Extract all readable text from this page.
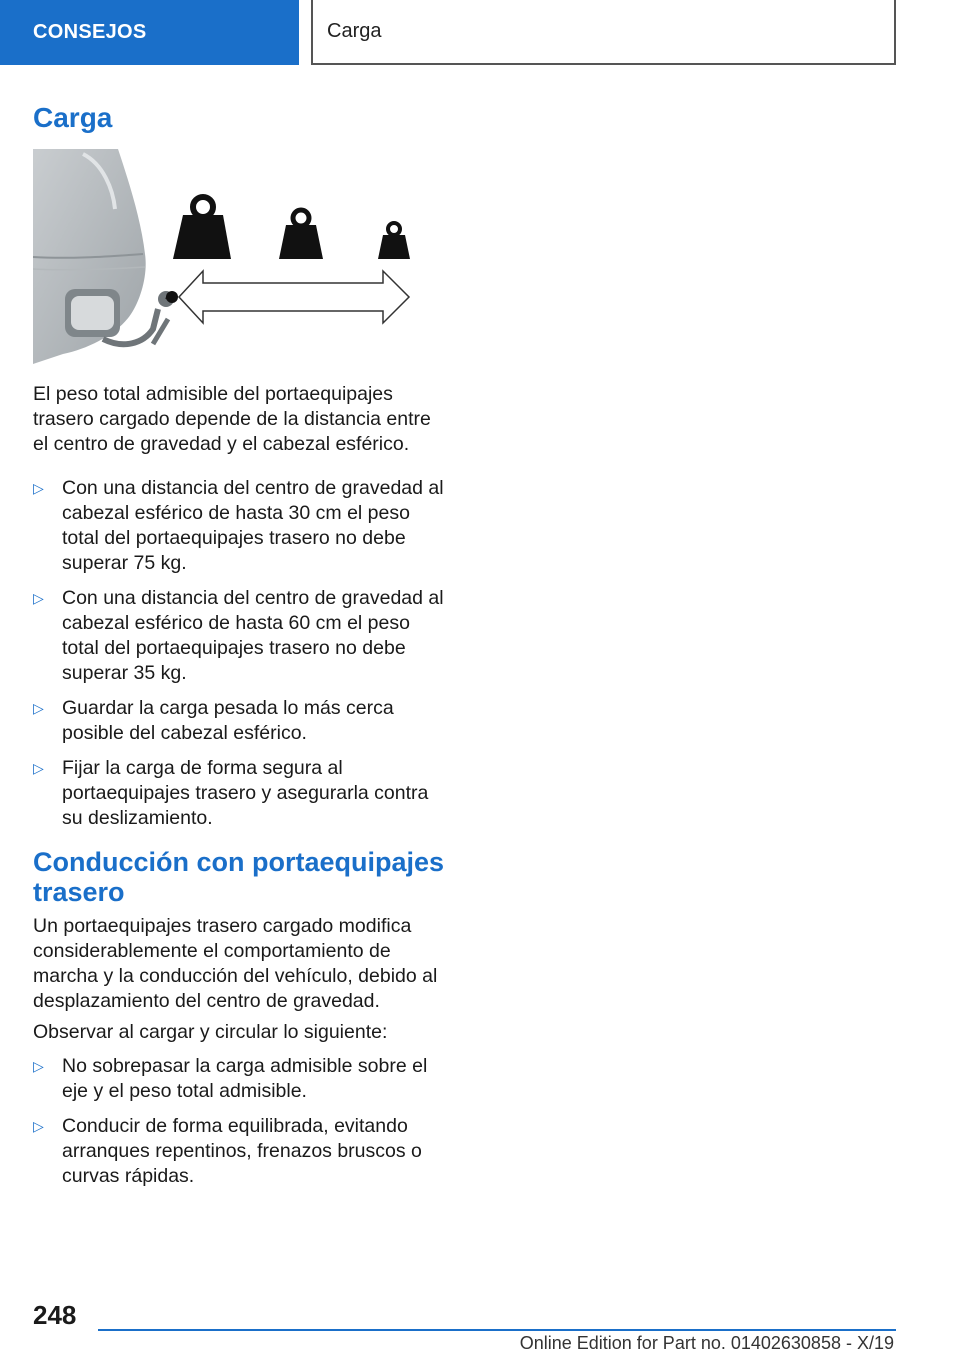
CONSEJOS	Carga
Carga

El peso total admisible del portaequipajes trasero cargado depende de la distancia entre el centro de gravedad y el cabezal esférico.

▷ Con una distancia del centro de gravedad al cabezal esférico de hasta 30 cm el peso total del portaequipajes trasero no debe superar 75 kg.
▷ Con una distancia del centro de gravedad al cabezal esférico de hasta 60 cm el peso total del portaequipajes trasero no debe superar 35 kg.
▷ Guardar la carga pesada lo más cerca posible del cabezal esférico.
▷ Fijar la carga de forma segura al portaequipajes trasero y asegurarla contra su deslizamiento.
Conducción con portaequipajes trasero

Un portaequipajes trasero cargado modifica considerablemente el comportamiento de marcha y la conducción del vehículo, debido al desplazamiento del centro de gravedad.

Observar al cargar y circular lo siguiente:

▷ No sobrepasar la carga admisible sobre el eje y el peso total admisible.
▷ Conducir de forma equilibrada, evitando arranques repentinos, frenazos bruscos o curvas rápidas.
248
Online Edition for Part no. 01402630858 - X/19
